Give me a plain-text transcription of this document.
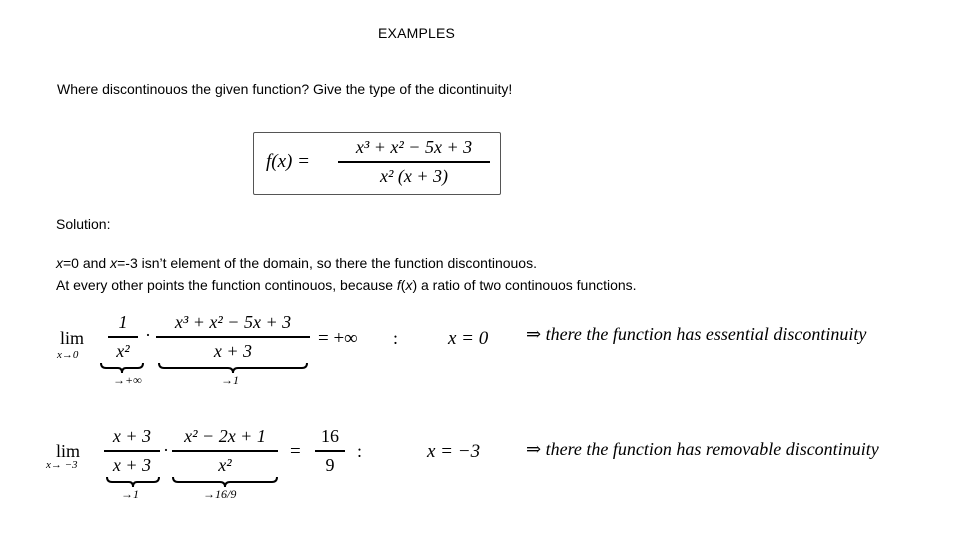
EXAMPLES
Where discontinouos the given function? Give the type of the dicontinuity!
f(x) =
x³ + x² − 5x + 3
x² (x + 3)
Solution:
x=0 and x=-3 isn’t element of the domain, so there the function discontinouos.
At every other points the function continouos, because f(x) a ratio of two continouos functions.
lim
x→0
1
x²
·
x³ + x² − 5x + 3
x + 3
= +∞ :	x = 0
→+∞	→1
⇒ there the function has essential discontinuity
lim
x→ −3
x + 3
x + 3
·
x² − 2x + 1
x²
=
16
9
:	x = −3
→1	→16/9
⇒ there the function has removable discontinuity
